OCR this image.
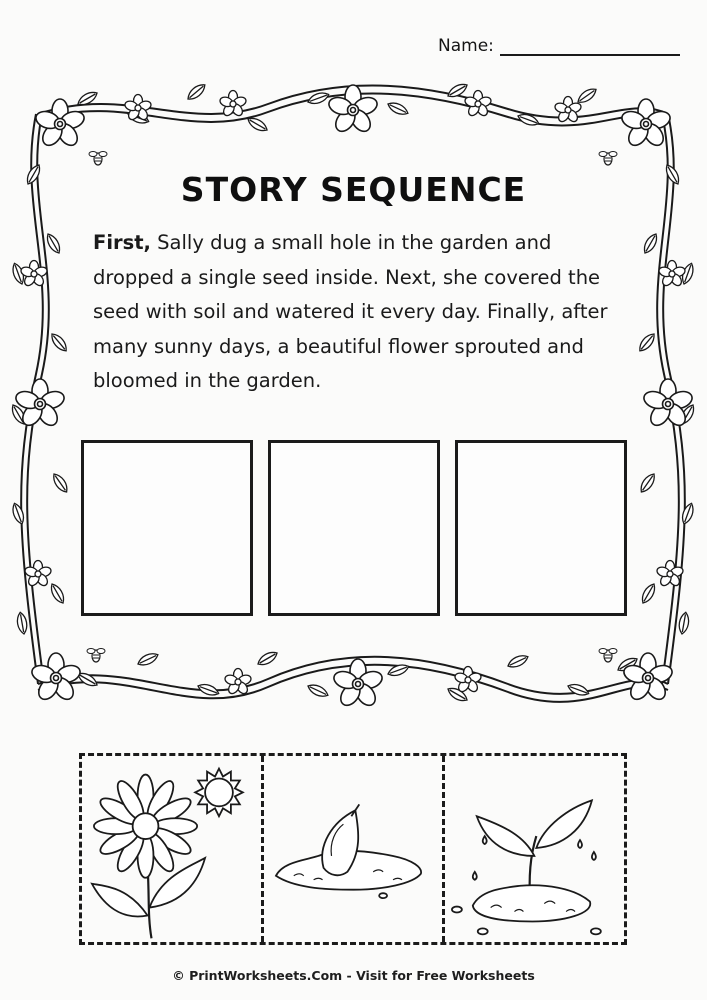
Name:
STORY SEQUENCE

First, Sally dug a small hole in the garden and dropped a single seed inside. Next, she covered the seed with soil and watered it every day. Finally, after many sunny days, a beautiful flower sprouted and bloomed in the garden.

© PrintWorksheets.Com - Visit for Free Worksheets
